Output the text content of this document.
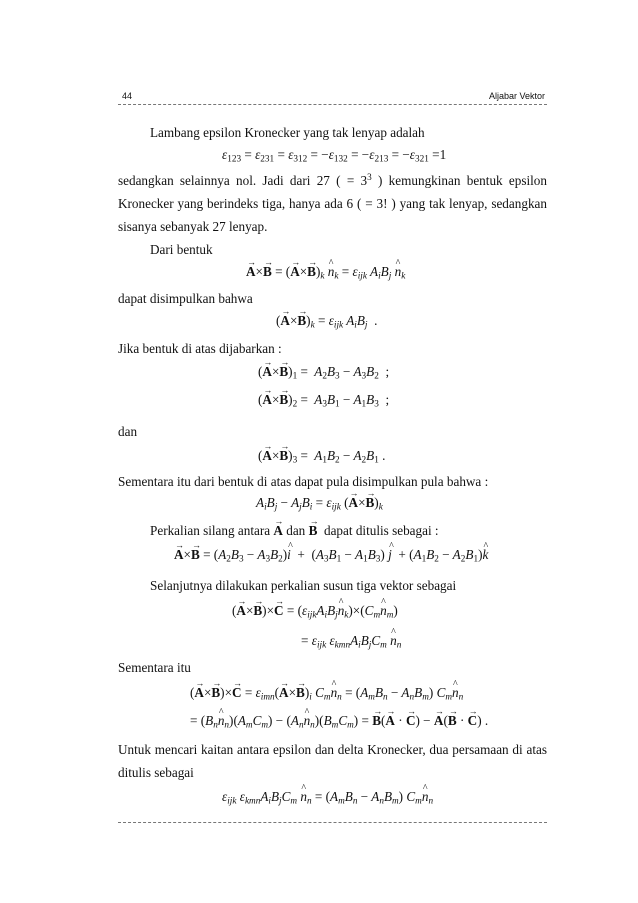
44	Aljabar Vektor
Lambang epsilon Kronecker yang tak lenyap adalah
$\varepsilon_{123} = \varepsilon_{231} = \varepsilon_{312} = -\varepsilon_{132} = -\varepsilon_{213} = -\varepsilon_{321} =1$
sedangkan selainnya nol. Jadi dari 27 ( = $3^3$ ) kemungkinan bentuk epsilon
Kronecker yang berindeks tiga, hanya ada 6 ( = 3! ) yang tak lenyap, sedangkan
sisanya sebanyak 27 lenyap.
Dari bentuk
→ A×→ B = (→ $A\times\to B)_k$ ^ $n_k = \varepsilon_{ijk}$ $A_iB_j$ ^ $n_k$
dapat disimpulkan bahwa
(→ $A\times\to B)_k = \varepsilon_{ijk}$ $A_iB_j$  .
Jika bentuk di atas dijabarkan :
(→ $A\times\to B)_1 = A_2B_3 - A_3B_2$  ;
(→ $A\times\to B)_2 = A_3B_1 - A_1B_3$  ;
dan
(→ $A\times\to B)_3 = A_1B_2 - A_2B_1$ .
Sementara itu dari bentuk di atas dapat pula disimpulkan pula bahwa :
$A_iB_j - A_jB_i = \varepsilon_{ijk}$ (→ $A\times\to B)_k$
Perkalian silang antara → A dan → B dapat ditulis sebagai :
→ $A\times\to B = (A_2B_3$ − $A_3B_2)\^{}$ $i + (A_3B_1 - A_1B_3)$ ^ $j + (A_1B_2$ − $A_2B_1)\^{}$ k
Selanjutnya dilakukan perkalian susun tiga vektor sebagai
(→ $A\times\to B)\times\to C = (\varepsilon_{ijk}A_iB_j\^{}$ $n_k)\times(C_m\^{}$ $n_m$)
= $\varepsilon_{ijk}$ $\varepsilon_{kmn}A_iB_jC_m$ ^ $n_n$
Sementara itu
(→ $A\times\to B)\times\to C = \varepsilon_{imn}(\to A\times\to B)_i$ $C_m\^{}$ $n_n = (A_mB_n - A_nB_m)$ $C_m\^{}$ $n_n$
= ($B_n\^{}$ $n_n)(A_mC_m)$ − ($A_n\^{}$ $n_n)(B_mC_m)$ = → B(→ A · → C) − → A(→ B · → C) .
Untuk mencari kaitan antara epsilon dan delta Kronecker, dua persamaan di atas
ditulis sebagai
$\varepsilon_{ijk}$ $\varepsilon_{kmn}A_iB_jC_m$ ^ $n_n = (A_mB_n - A_nB_m)$ $C_m\^{}$ $n_n$
